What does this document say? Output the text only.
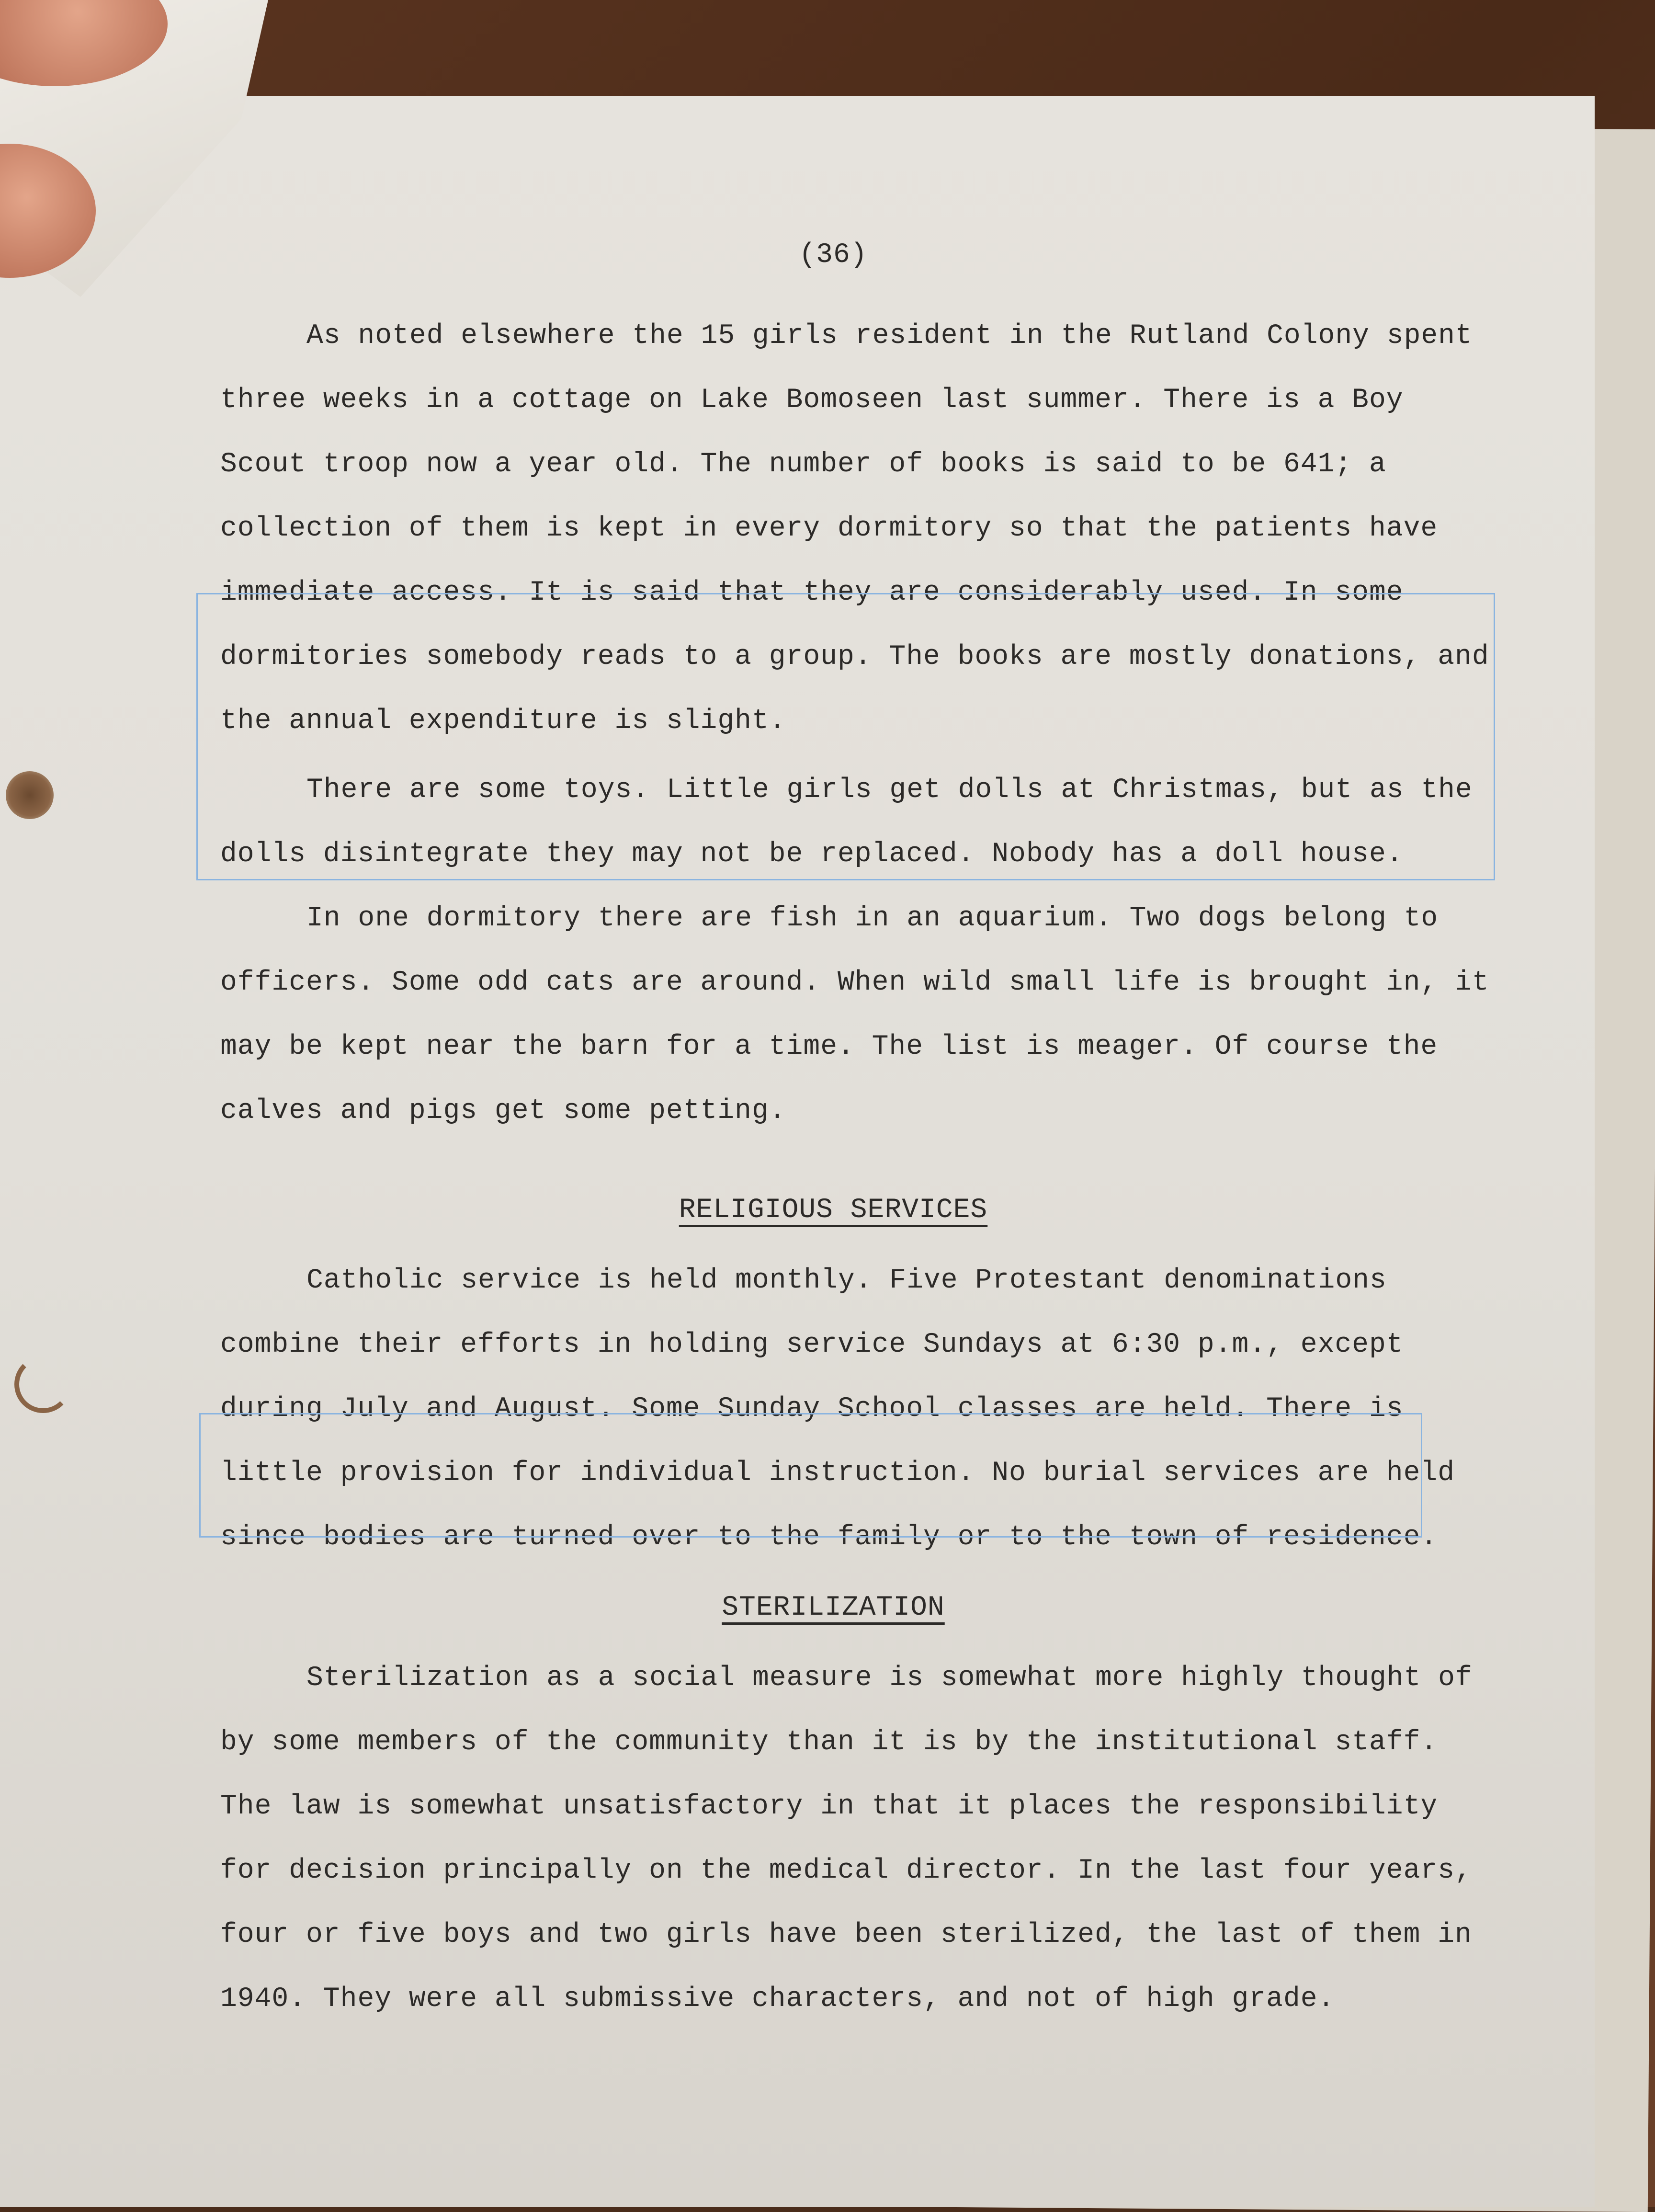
(36)

As noted elsewhere the 15 girls resident in the Rutland Colony spent three weeks in a cottage on Lake Bomoseen last summer. There is a Boy Scout troop now a year old. The number of books is said to be 641; a collection of them is kept in every dormitory so that the patients have immediate access. It is said that they are considerably used. In some dormitories somebody reads to a group. The books are mostly donations, and the annual expenditure is slight.

There are some toys. Little girls get dolls at Christmas, but as the dolls disintegrate they may not be replaced. Nobody has a doll house.

In one dormitory there are fish in an aquarium. Two dogs belong to officers. Some odd cats are around. When wild small life is brought in, it may be kept near the barn for a time. The list is meager. Of course the calves and pigs get some petting.

RELIGIOUS SERVICES

Catholic service is held monthly. Five Protestant denominations combine their efforts in holding service Sundays at 6:30 p.m., except during July and August. Some Sunday School classes are held. There is little provision for individual instruction. No burial services are held since bodies are turned over to the family or to the town of residence.

STERILIZATION

Sterilization as a social measure is somewhat more highly thought of by some members of the community than it is by the institutional staff. The law is somewhat unsatisfactory in that it places the responsibility for decision principally on the medical director. In the last four years, four or five boys and two girls have been sterilized, the last of them in 1940. They were all submissive characters, and not of high grade.
